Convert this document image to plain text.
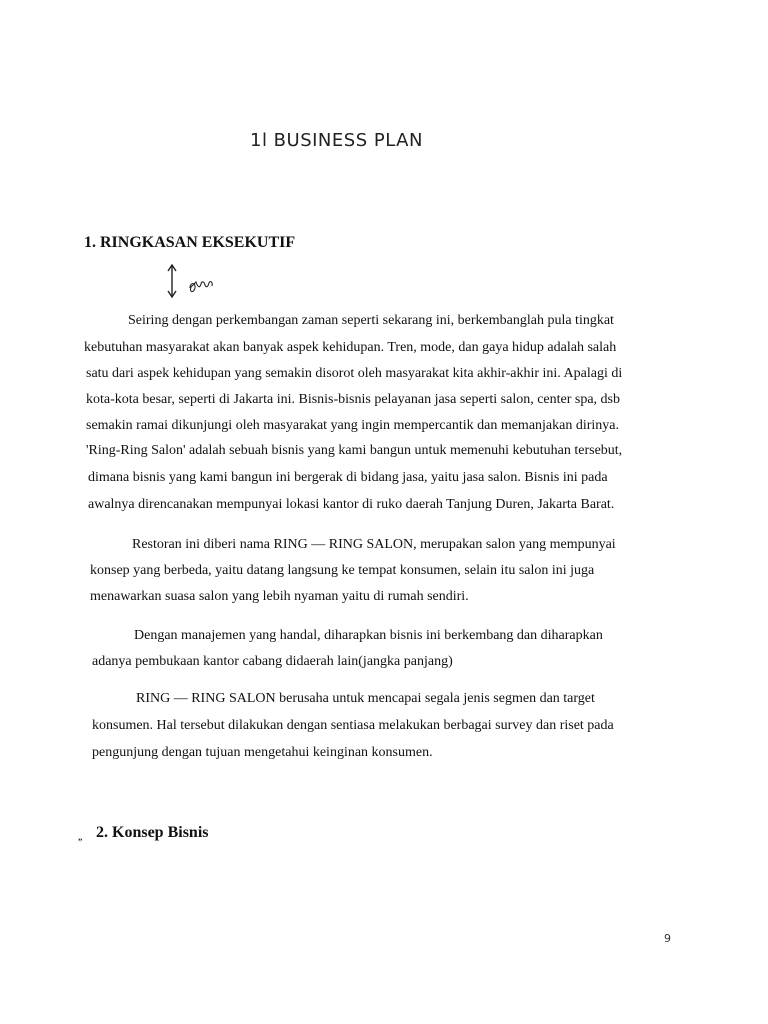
1l BUSINESS PLAN
1. RINGKASAN EKSEKUTIF
Seiring dengan perkembangan zaman seperti sekarang ini, berkembanglah pula tingkat
kebutuhan masyarakat akan banyak aspek kehidupan. Tren, mode, dan gaya hidup adalah salah
satu dari aspek kehidupan yang semakin disorot oleh masyarakat kita akhir-akhir ini. Apalagi di
kota-kota besar, seperti di Jakarta ini. Bisnis-bisnis pelayanan jasa seperti salon, center spa, dsb
semakin ramai dikunjungi oleh masyarakat yang ingin mempercantik dan memanjakan dirinya.
'Ring-Ring Salon' adalah sebuah bisnis yang kami bangun untuk memenuhi kebutuhan tersebut,
dimana bisnis yang kami bangun ini bergerak di bidang jasa, yaitu jasa salon. Bisnis ini pada
awalnya direncanakan mempunyai lokasi kantor di ruko daerah Tanjung Duren, Jakarta Barat.
Restoran ini diberi nama RING — RING SALON, merupakan salon yang mempunyai
konsep yang berbeda, yaitu datang langsung ke tempat konsumen, selain itu salon ini juga
menawarkan suasa salon yang lebih nyaman yaitu di rumah sendiri.
Dengan manajemen yang handal, diharapkan bisnis ini berkembang dan diharapkan
adanya pembukaan kantor cabang didaerah lain(jangka panjang)
RING — RING SALON berusaha untuk mencapai segala jenis segmen dan target
konsumen. Hal tersebut dilakukan dengan sentiasa melakukan berbagai survey dan riset pada
pengunjung dengan tujuan mengetahui keinginan konsumen.
„ 2. Konsep Bisnis
9
